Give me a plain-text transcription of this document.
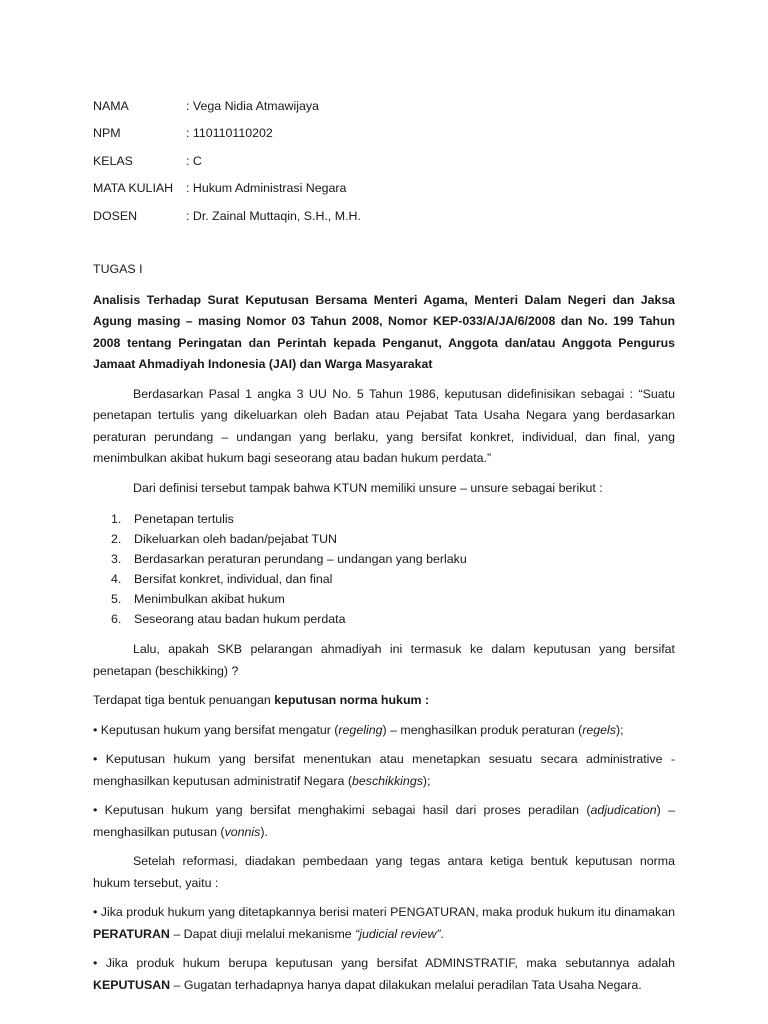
NAMA	: Vega Nidia Atmawijaya
NPM	: 110110110202
KELAS	: C
MATA KULIAH	: Hukum Administrasi Negara
DOSEN	: Dr. Zainal Muttaqin, S.H., M.H.
TUGAS I
Analisis Terhadap Surat Keputusan Bersama Menteri Agama, Menteri Dalam Negeri dan Jaksa Agung masing – masing Nomor 03 Tahun 2008, Nomor KEP-033/A/JA/6/2008 dan No. 199 Tahun 2008 tentang Peringatan dan Perintah kepada Penganut, Anggota dan/atau Anggota Pengurus Jamaat Ahmadiyah Indonesia (JAI) dan Warga Masyarakat

Berdasarkan Pasal 1 angka 3 UU No. 5 Tahun 1986, keputusan didefinisikan sebagai : “Suatu penetapan tertulis yang dikeluarkan oleh Badan atau Pejabat Tata Usaha Negara yang berdasarkan peraturan perundang – undangan yang berlaku, yang bersifat konkret, individual, dan final, yang menimbulkan akibat hukum bagi seseorang atau badan hukum perdata.”

Dari definisi tersebut tampak bahwa KTUN memiliki unsure – unsure sebagai berikut :

1.	Penetapan tertulis
2.	Dikeluarkan oleh badan/pejabat TUN
3.	Berdasarkan peraturan perundang – undangan yang berlaku
4.	Bersifat konkret, individual, dan final
5.	Menimbulkan akibat hukum
6.	Seseorang atau badan hukum perdata

Lalu, apakah SKB pelarangan ahmadiyah ini termasuk ke dalam keputusan yang bersifat penetapan (beschikking) ?

Terdapat tiga bentuk penuangan keputusan norma hukum :

• Keputusan hukum yang bersifat mengatur (regeling) – menghasilkan produk peraturan (regels);

• Keputusan hukum yang bersifat menentukan atau menetapkan sesuatu secara administrative - menghasilkan keputusan administratif Negara (beschikkings);

• Keputusan hukum yang bersifat menghakimi sebagai hasil dari proses peradilan (adjudication) – menghasilkan putusan (vonnis).

Setelah reformasi, diadakan pembedaan yang tegas antara ketiga bentuk keputusan norma hukum tersebut, yaitu :

• Jika produk hukum yang ditetapkannya berisi materi PENGATURAN, maka produk hukum itu dinamakan PERATURAN – Dapat diuji melalui mekanisme “judicial review”.

• Jika produk hukum berupa keputusan yang bersifat ADMINSTRATIF, maka sebutannya adalah KEPUTUSAN – Gugatan terhadapnya hanya dapat dilakukan melalui peradilan Tata Usaha Negara.
